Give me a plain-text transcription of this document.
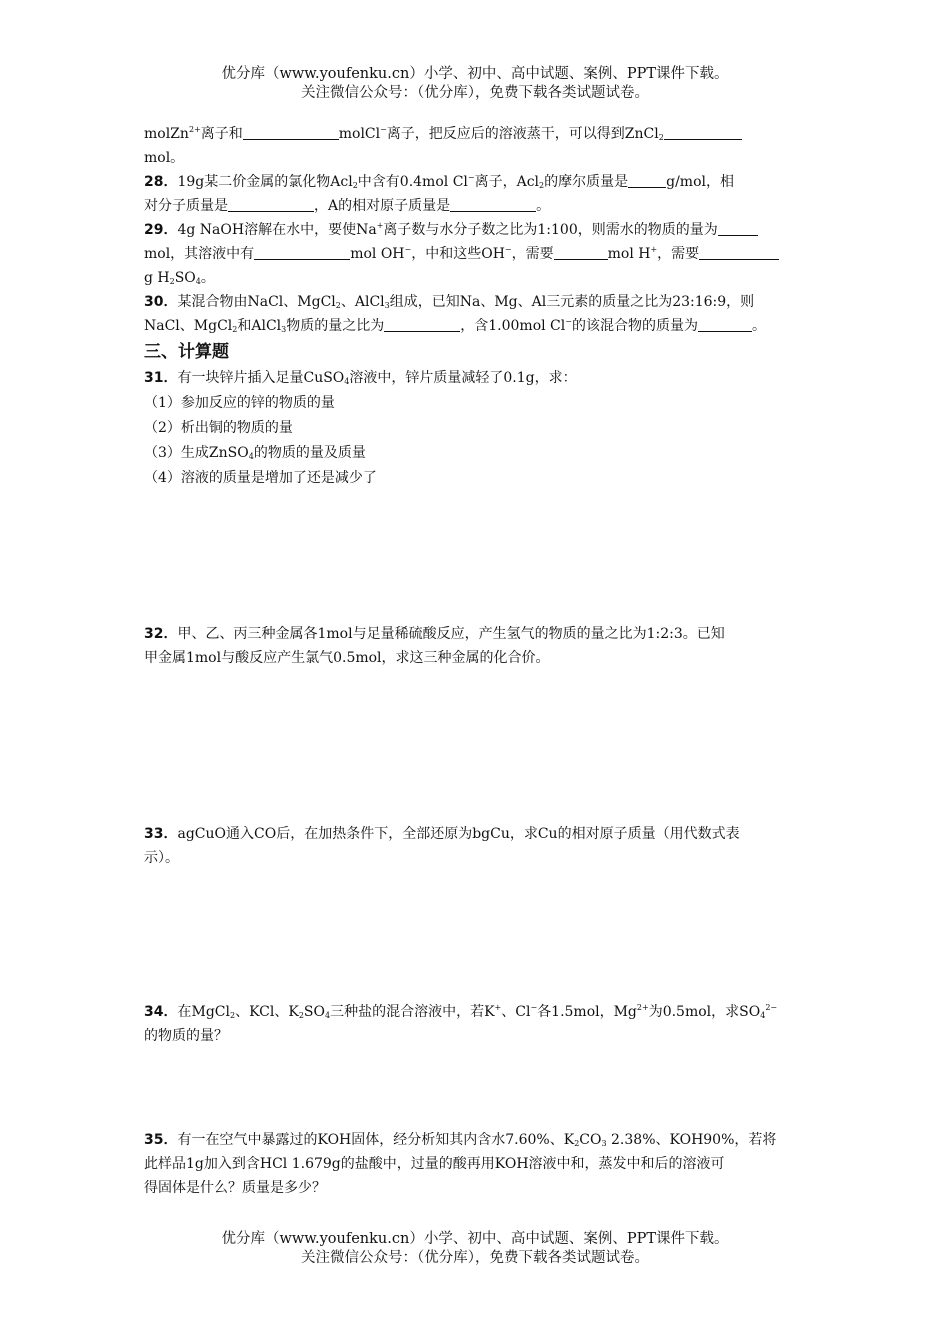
优分库（www.youfenku.cn）小学、初中、高中试题、案例、PPT课件下载。
关注微信公众号：（优分库），免费下载各类试题试卷。
molZn$^{2+}$离子和	molCl−离子，把反应后的溶液蒸干，可以得到ZnCl$_2$
mol。
28．19g某二价金属的氯化物Acl$_2$中含有0.4mol Cl−离子，Acl$_2$的摩尔质量是	g/mol，相
对分子质量是	，A的相对原子质量是	。
29．4g NaOH溶解在水中，要使Na+离子数与水分子数之比为1:100，则需水的物质的量为
mol，其溶液中有	mol OH−，中和这些OH−，需要	mol H+，需要
g $H_2SO_4$。
30．某混合物由NaCl、MgCl$_2$、AlCl$_3$组成，已知Na、Mg、Al三元素的质量之比为23:16:9，则
NaCl、MgCl$_2$和AlCl$_3$物质的量之比为	，含1.00mol Cl−的该混合物的质量为	。
三、计算题
31．有一块锌片插入足量CuSO$_4$溶液中，锌片质量减轻了0.1g，求：
（1）参加反应的锌的物质的量
（2）析出铜的物质的量
（3）生成ZnSO$_4$的物质的量及质量
（4）溶液的质量是增加了还是减少了
32．甲、乙、丙三种金属各1mol与足量稀硫酸反应，产生氢气的物质的量之比为1:2:3。已知
甲金属1mol与酸反应产生氯气0.5mol，求这三种金属的化合价。
33．agCuO通入CO后，在加热条件下，全部还原为bgCu，求Cu的相对原子质量（用代数式表
示）。
34．在MgCl$_2$、KCl、$K_2SO_4$三种盐的混合溶液中，若K+、Cl−各1.5mol，$Mg^{2+}$为0.5mol，求$SO_4^{2-}$
的物质的量？
35．有一在空气中暴露过的KOH固体，经分析知其内含水7.60%、$K_2CO_3$ 2.38%、KOH90%，若将
此样品1g加入到含HCl 1.679g的盐酸中，过量的酸再用KOH溶液中和，蒸发中和后的溶液可
得固体是什么？质量是多少？
优分库（www.youfenku.cn）小学、初中、高中试题、案例、PPT课件下载。
关注微信公众号：（优分库），免费下载各类试题试卷。
